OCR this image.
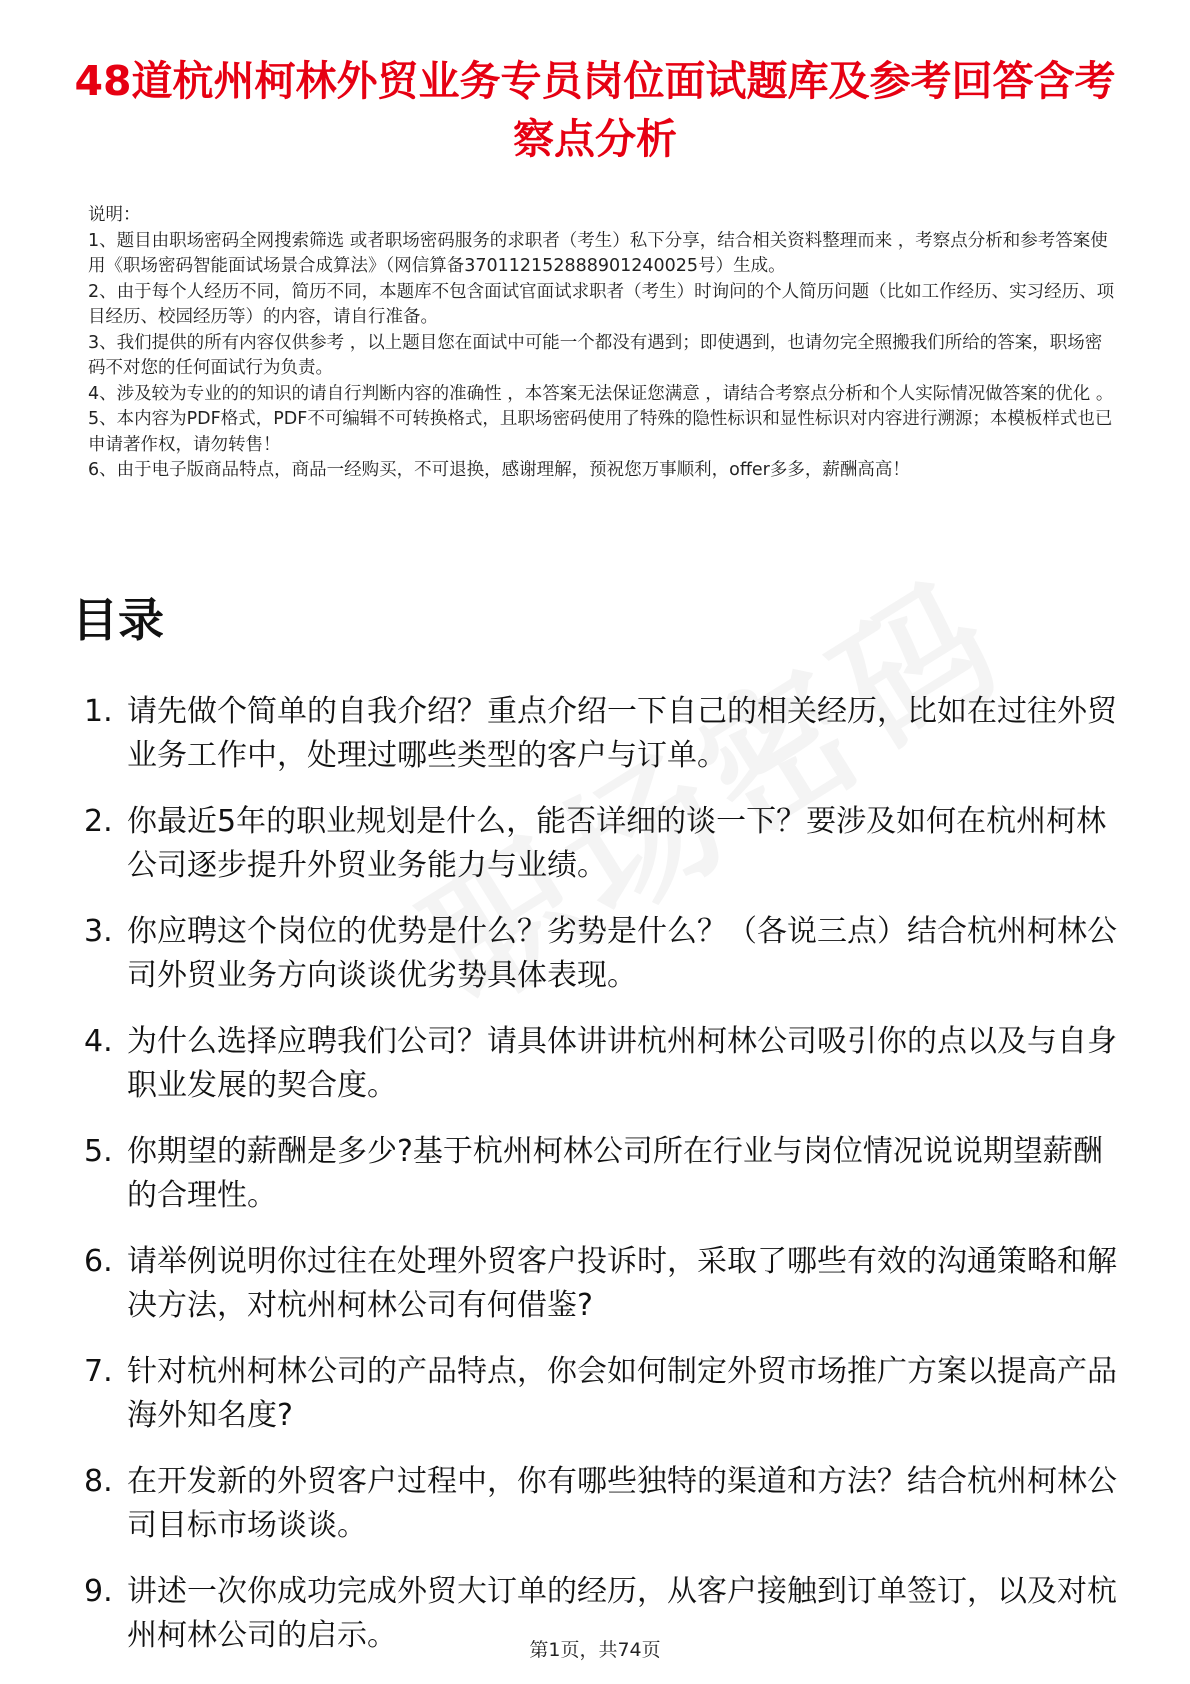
48道杭州柯林外贸业务专员岗位面试题库及参考回答含考察点分析

说明：

1、题目由职场密码全网搜索筛选 或者职场密码服务的求职者（考生）私下分享，结合相关资料整理而来 ，考察点分析和参考答案使用《职场密码智能面试场景合成算法》（网信算备370112152888901240025号）生成。

2、由于每个人经历不同，简历不同，本题库不包含面试官面试求职者（考生）时询问的个人简历问题（比如工作经历、实习经历、项目经历、校园经历等）的内容，请自行准备。

3、我们提供的所有内容仅供参考 ，以上题目您在面试中可能一个都没有遇到；即使遇到，也请勿完全照搬我们所给的答案，职场密码不对您的任何面试行为负责。

4、涉及较为专业的的知识的请自行判断内容的准确性 ，本答案无法保证您满意 ，请结合考察点分析和个人实际情况做答案的优化 。

5、本内容为PDF格式，PDF不可编辑不可转换格式，且职场密码使用了特殊的隐性标识和显性标识对内容进行溯源；本模板样式也已申请著作权，请勿转售！

6、由于电子版商品特点，商品一经购买，不可退换，感谢理解，预祝您万事顺利，offer多多，薪酬高高！

目录
1. 请先做个简单的自我介绍？重点介绍一下自己的相关经历，比如在过往外贸业务工作中，处理过哪些类型的客户与订单。
2. 你最近5年的职业规划是什么，能否详细的谈一下？要涉及如何在杭州柯林公司逐步提升外贸业务能力与业绩。
3. 你应聘这个岗位的优势是什么？劣势是什么？（各说三点）结合杭州柯林公司外贸业务方向谈谈优劣势具体表现。
4. 为什么选择应聘我们公司？请具体讲讲杭州柯林公司吸引你的点以及与自身职业发展的契合度。
5. 你期望的薪酬是多少?基于杭州柯林公司所在行业与岗位情况说说期望薪酬的合理性。
6. 请举例说明你过往在处理外贸客户投诉时，采取了哪些有效的沟通策略和解决方法，对杭州柯林公司有何借鉴?
7. 针对杭州柯林公司的产品特点，你会如何制定外贸市场推广方案以提高产品海外知名度?
8. 在开发新的外贸客户过程中，你有哪些独特的渠道和方法？结合杭州柯林公司目标市场谈谈。
9. 讲述一次你成功完成外贸大订单的经历，从客户接触到订单签订，以及对杭州柯林公司的启示。	第1页，共74页
